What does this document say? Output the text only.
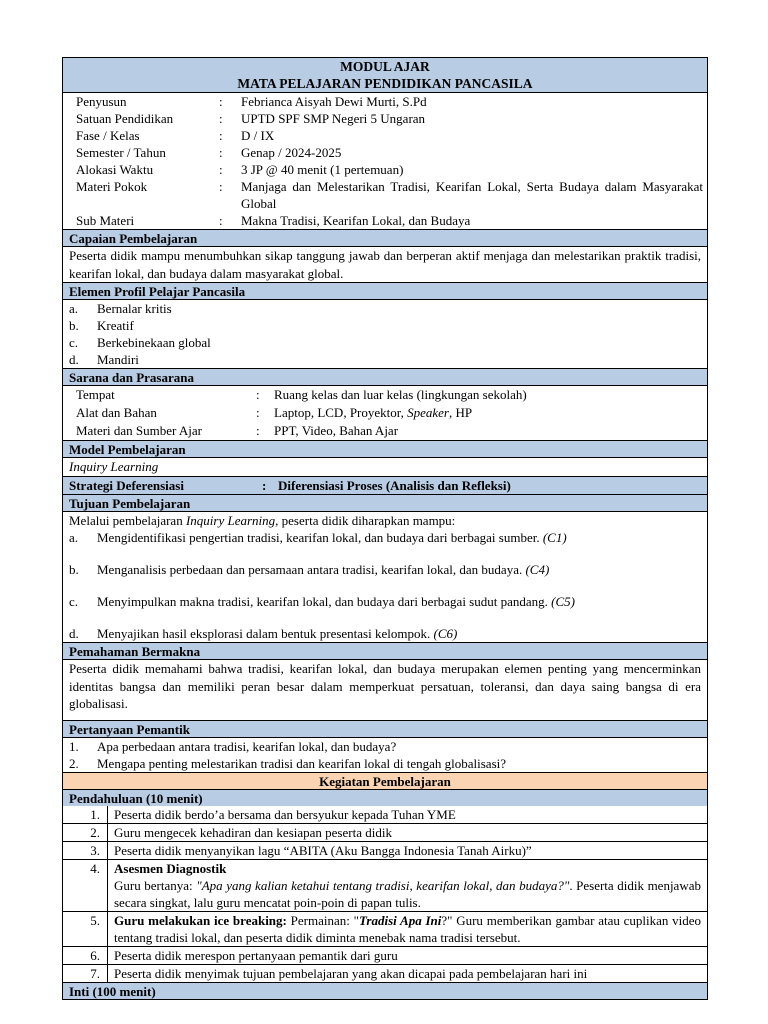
MODUL AJAR
MATA PELAJARAN PENDIDIKAN PANCASILA
Penyusun	:	Febrianca Aisyah Dewi Murti, S.Pd
Satuan Pendidikan	:	UPTD SPF SMP Negeri 5 Ungaran
Fase / Kelas	:	D / IX
Semester / Tahun	:	Genap / 2024-2025
Alokasi Waktu	:	3 JP @ 40 menit (1 pertemuan)
Materi Pokok	:	Manjaga dan Melestarikan Tradisi, Kearifan Lokal, Serta Budaya dalam Masyarakat Global
Sub Materi	:	Makna Tradisi, Kearifan Lokal, dan Budaya
Capaian Pembelajaran
Peserta didik mampu menumbuhkan sikap tanggung jawab dan berperan aktif menjaga dan melestarikan praktik tradisi, kearifan lokal, dan budaya dalam masyarakat global.
Elemen Profil Pelajar Pancasila
a.	Bernalar kritis
b.	Kreatif
c.	Berkebinekaan global
d.	Mandiri
Sarana dan Prasarana
Tempat	:	Ruang kelas dan luar kelas (lingkungan sekolah)
Alat dan Bahan	:	Laptop, LCD, Proyektor, Speaker, HP
Materi dan Sumber Ajar	:	PPT, Video, Bahan Ajar
Model Pembelajaran
Inquiry Learning
Strategi Deferensiasi	: Diferensiasi Proses (Analisis dan Refleksi)
Tujuan Pembelajaran
Melalui pembelajaran Inquiry Learning, peserta didik diharapkan mampu:
a.	Mengidentifikasi pengertian tradisi, kearifan lokal, dan budaya dari berbagai sumber. (C1)
b.	Menganalisis perbedaan dan persamaan antara tradisi, kearifan lokal, dan budaya. (C4)
c.	Menyimpulkan makna tradisi, kearifan lokal, dan budaya dari berbagai sudut pandang. (C5)
d.	Menyajikan hasil eksplorasi dalam bentuk presentasi kelompok. (C6)
Pemahaman Bermakna
Peserta didik memahami bahwa tradisi, kearifan lokal, dan budaya merupakan elemen penting yang mencerminkan identitas bangsa dan memiliki peran besar dalam memperkuat persatuan, toleransi, dan daya saing bangsa di era globalisasi.
Pertanyaan Pemantik
1.	Apa perbedaan antara tradisi, kearifan lokal, dan budaya?
2.	Mengapa penting melestarikan tradisi dan kearifan lokal di tengah globalisasi?
Kegiatan Pembelajaran
Pendahuluan (10 menit)
1.	Peserta didik berdo’a bersama dan bersyukur kepada Tuhan YME
2.	Guru mengecek kehadiran dan kesiapan peserta didik
3.	Peserta didik menyanyikan lagu “ABITA (Aku Bangga Indonesia Tanah Airku)”
4.	Asesmen Diagnostik
Guru bertanya: "Apa yang kalian ketahui tentang tradisi, kearifan lokal, dan budaya?". Peserta didik menjawab secara singkat, lalu guru mencatat poin-poin di papan tulis.
5.	Guru melakukan ice breaking: Permainan: "Tradisi Apa Ini?" Guru memberikan gambar atau cuplikan video tentang tradisi lokal, dan peserta didik diminta menebak nama tradisi tersebut.
6.	Peserta didik merespon pertanyaan pemantik dari guru
7.	Peserta didik menyimak tujuan pembelajaran yang akan dicapai pada pembelajaran hari ini
Inti (100 menit)
